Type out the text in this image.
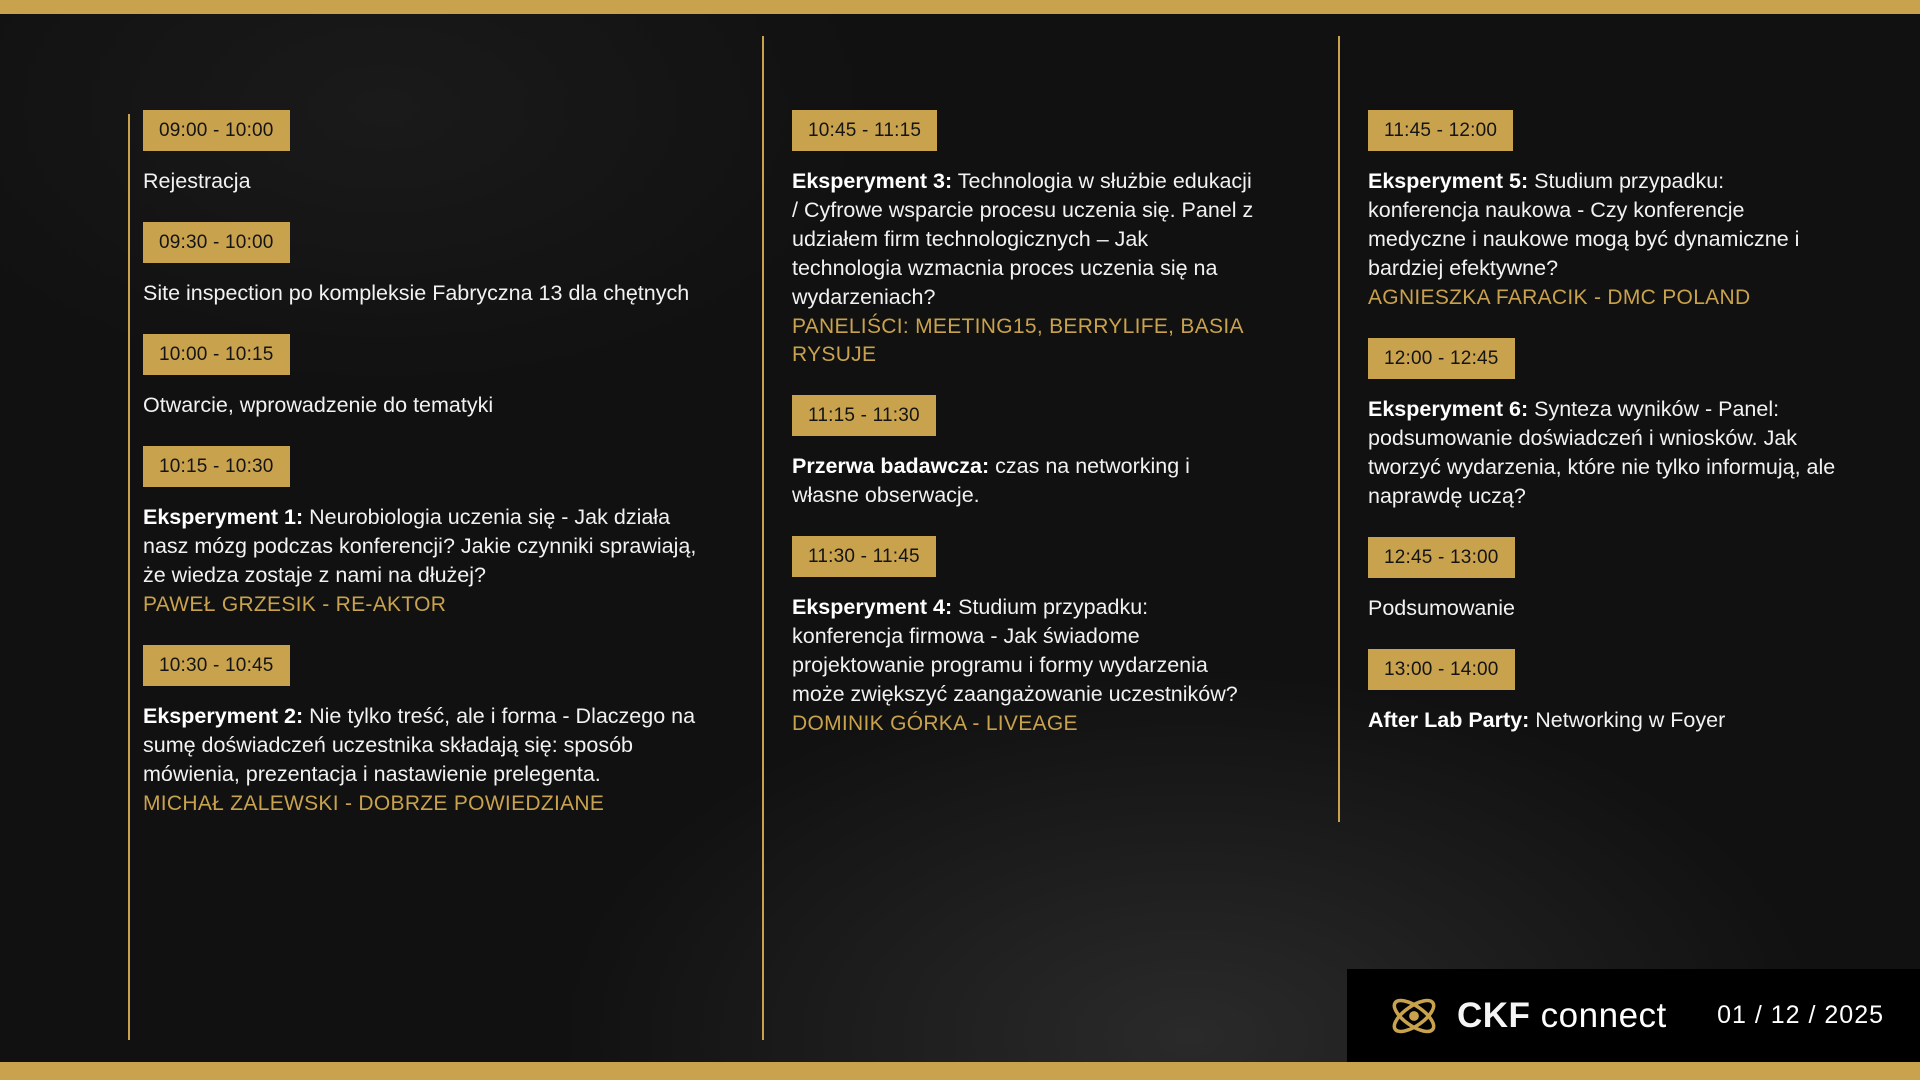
09:00 - 10:00
Rejestracja
09:30 - 10:00
Site inspection po kompleksie Fabryczna 13 dla chętnych
10:00 - 10:15
Otwarcie, wprowadzenie do tematyki
10:15 - 10:30
Eksperyment 1: Neurobiologia uczenia się - Jak działa nasz mózg podczas konferencji? Jakie czynniki sprawiają, że wiedza zostaje z nami na dłużej?
PAWEŁ GRZESIK - RE-AKTOR
10:30 - 10:45
Eksperyment 2: Nie tylko treść, ale i forma - Dlaczego na sumę doświadczeń uczestnika składają się: sposób mówienia, prezentacja i nastawienie prelegenta.
MICHAŁ ZALEWSKI - DOBRZE POWIEDZIANE
10:45 - 11:15
Eksperyment 3: Technologia w służbie edukacji / Cyfrowe wsparcie procesu uczenia się. Panel z udziałem firm technologicznych – Jak technologia wzmacnia proces uczenia się na wydarzeniach?
PANELIŚCI: MEETING15, BERRYLIFE, BASIA RYSUJE
11:15 - 11:30
Przerwa badawcza: czas na networking i własne obserwacje.
11:30 - 11:45
Eksperyment 4: Studium przypadku: konferencja firmowa - Jak świadome projektowanie programu i formy wydarzenia może zwiększyć zaangażowanie uczestników?
DOMINIK GÓRKA - LIVEAGE
11:45 - 12:00
Eksperyment 5: Studium przypadku: konferencja naukowa - Czy konferencje medyczne i naukowe mogą być dynamiczne i bardziej efektywne?
AGNIESZKA FARACIK - DMC POLAND
12:00 - 12:45
Eksperyment 6: Synteza wyników - Panel: podsumowanie doświadczeń i wniosków. Jak tworzyć wydarzenia, które nie tylko informują, ale naprawdę uczą?
12:45 - 13:00
Podsumowanie
13:00 - 14:00
After Lab Party: Networking w Foyer
CKF connect 01 / 12 / 2025
